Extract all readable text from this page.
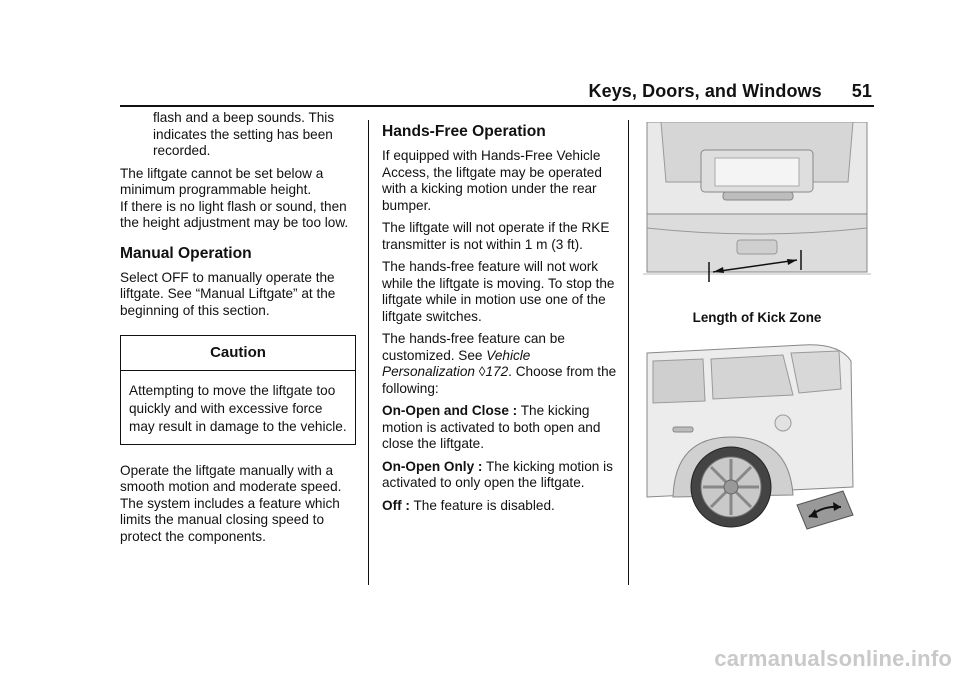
Keys, Doors, and Windows 51

flash and a beep sounds. This indicates the setting has been recorded.

The liftgate cannot be set below a minimum programmable height.

If there is no light flash or sound, then the height adjustment may be too low.

Manual Operation

Select OFF to manually operate the liftgate. See “Manual Liftgate” at the beginning of this section.

Caution
Attempting to move the liftgate too quickly and with excessive force may result in damage to the vehicle.

Operate the liftgate manually with a smooth motion and moderate speed. The system includes a feature which limits the manual closing speed to protect the components.

Hands-Free Operation

If equipped with Hands-Free Vehicle Access, the liftgate may be operated with a kicking motion under the rear bumper.

The liftgate will not operate if the RKE transmitter is not within 1 m (3 ft).

The hands-free feature will not work while the liftgate is moving. To stop the liftgate while in motion use one of the liftgate switches.

The hands-free feature can be customized. See Vehicle Personalization ◊172. Choose from the following:

On-Open and Close : The kicking motion is activated to both open and close the liftgate.

On-Open Only : The kicking motion is activated to only open the liftgate.

Off : The feature is disabled.

Length of Kick Zone
carmanualsonline.info
